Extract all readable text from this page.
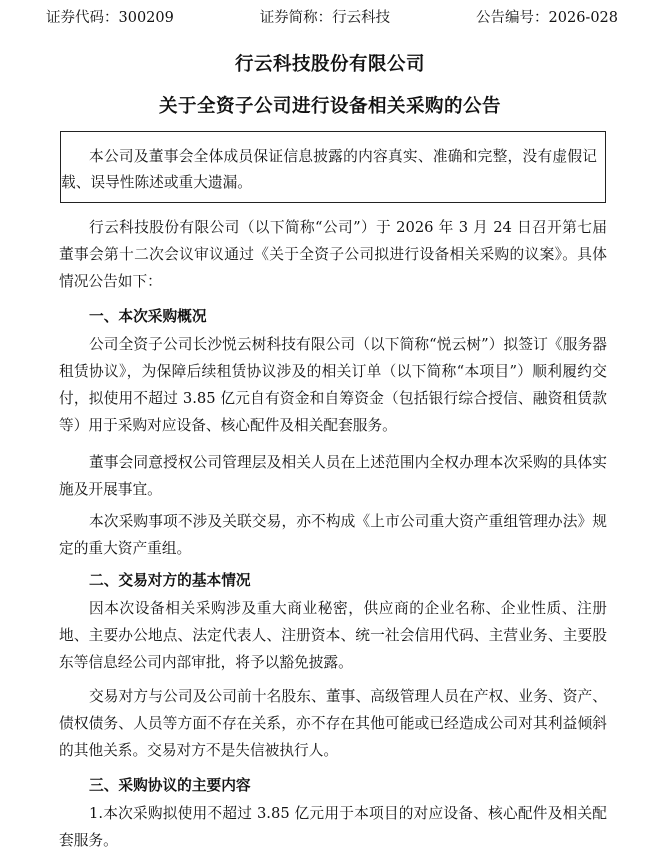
证券代码：300209	证券简称：行云科技	公告编号：2026-028
行云科技股份有限公司
关于全资子公司进行设备相关采购的公告
本公司及董事会全体成员保证信息披露的内容真实、准确和完整，没有虚假记载、误导性陈述或重大遗漏。

行云科技股份有限公司（以下简称“公司”）于 2026 年 3 月 24 日召开第七届董事会第十二次会议审议通过《关于全资子公司拟进行设备相关采购的议案》。具体情况公告如下：

一、本次采购概况

公司全资子公司长沙悦云树科技有限公司（以下简称“悦云树”）拟签订《服务器租赁协议》，为保障后续租赁协议涉及的相关订单（以下简称“本项目”）顺利履约交付，拟使用不超过 3.85 亿元自有资金和自筹资金（包括银行综合授信、融资租赁款等）用于采购对应设备、核心配件及相关配套服务。

董事会同意授权公司管理层及相关人员在上述范围内全权办理本次采购的具体实施及开展事宜。

本次采购事项不涉及关联交易，亦不构成《上市公司重大资产重组管理办法》规定的重大资产重组。

二、交易对方的基本情况

因本次设备相关采购涉及重大商业秘密，供应商的企业名称、企业性质、注册地、主要办公地点、法定代表人、注册资本、统一社会信用代码、主营业务、主要股东等信息经公司内部审批，将予以豁免披露。

交易对方与公司及公司前十名股东、董事、高级管理人员在产权、业务、资产、债权债务、人员等方面不存在关系，亦不存在其他可能或已经造成公司对其利益倾斜的其他关系。交易对方不是失信被执行人。

三、采购协议的主要内容

1.本次采购拟使用不超过 3.85 亿元用于本项目的对应设备、核心配件及相关配套服务。
